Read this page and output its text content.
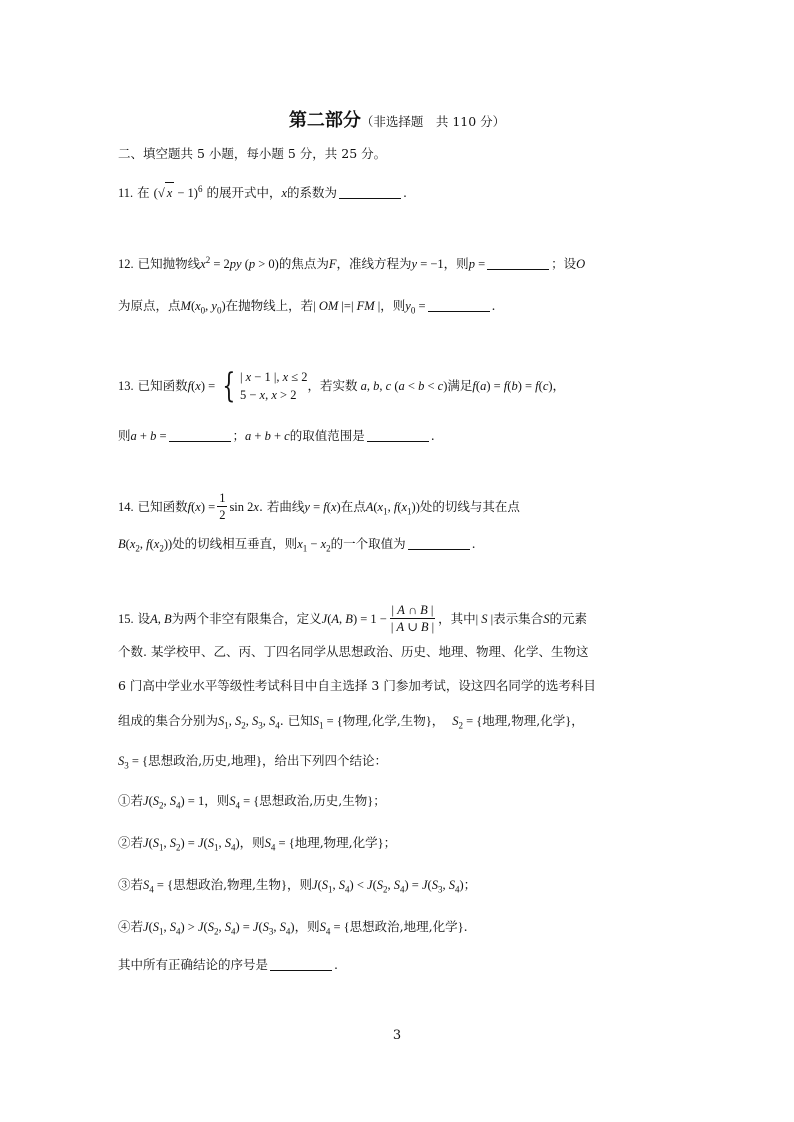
第二部分（非选择题　共 110 分）
二、填空题共 5 小题，每小题 5 分，共 25 分。
11. 在 (√ x − 1)$^6$ 的展开式中，x的系数为	.
12. 已知抛物线$x^2 = 2py$ (p > 0)的焦点为F，准线方程为y = −1，则p =	；设O
为原点，点$M(x_0$, $y_0$)在抛物线上，若| OM |=| FM |，则$y_0$ =	.
13.
已知函数 f(x) = { | x − 1 |, x ≤ 2
5 − x, x > 2
，若实数 a, b, c (a < b < c) 满足 f(a) = f(b) = f(c) ，
则a + b =	；a + b + c的取值范围是	.
14.
已知函数 $f(x) = \frac{1}{2}$ sin 2x . 若曲线 y = f(x) 在点 $A(x_1$, $f(x_1)$) 处的切线与其在点
$B(x_2$, $f(x_2)$)处的切线相互垂直，则$x_1 - x_2$的一个取值为	.
15.
设 A, B 为两个非空有限集合，定义 J(A, $B) = 1 - \frac{| A \cap B |}{| A \cup B |}$ ，其中 | S | 表示集合 S 的元素
个数. 某学校甲、乙、丙、丁四名同学从思想政治、历史、地理、物理、化学、生物这
6 门高中学业水平等级性考试科目中自主选择 3 门参加考试，设这四名同学的选考科目
组成的集合分别为$S_1$, $S_2$, $S_3$, $S_4$. 已知$S_1$ = {物理,化学,生物}，  $S_2$ = {地理,物理,化学}，
$S_3$ = {思想政治,历史,地理}，给出下列四个结论：
①若$J(S_2$, $S_4) = 1$，则$S_4$ = {思想政治,历史,生物}；
②若$J(S_1$, $S_2) = J(S_1$, $S_4$)，则$S_4$ = {地理,物理,化学}；
③若$S_4$ = {思想政治,物理,生物}，则$J(S_1$, $S_4) < J(S_2$, $S_4) = J(S_3$, $S_4$)；
④若$J(S_1$, $S_4) > J(S_2$, $S_4) = J(S_3$, $S_4$)，则$S_4$ = {思想政治,地理,化学}.
其中所有正确结论的序号是	.
3
